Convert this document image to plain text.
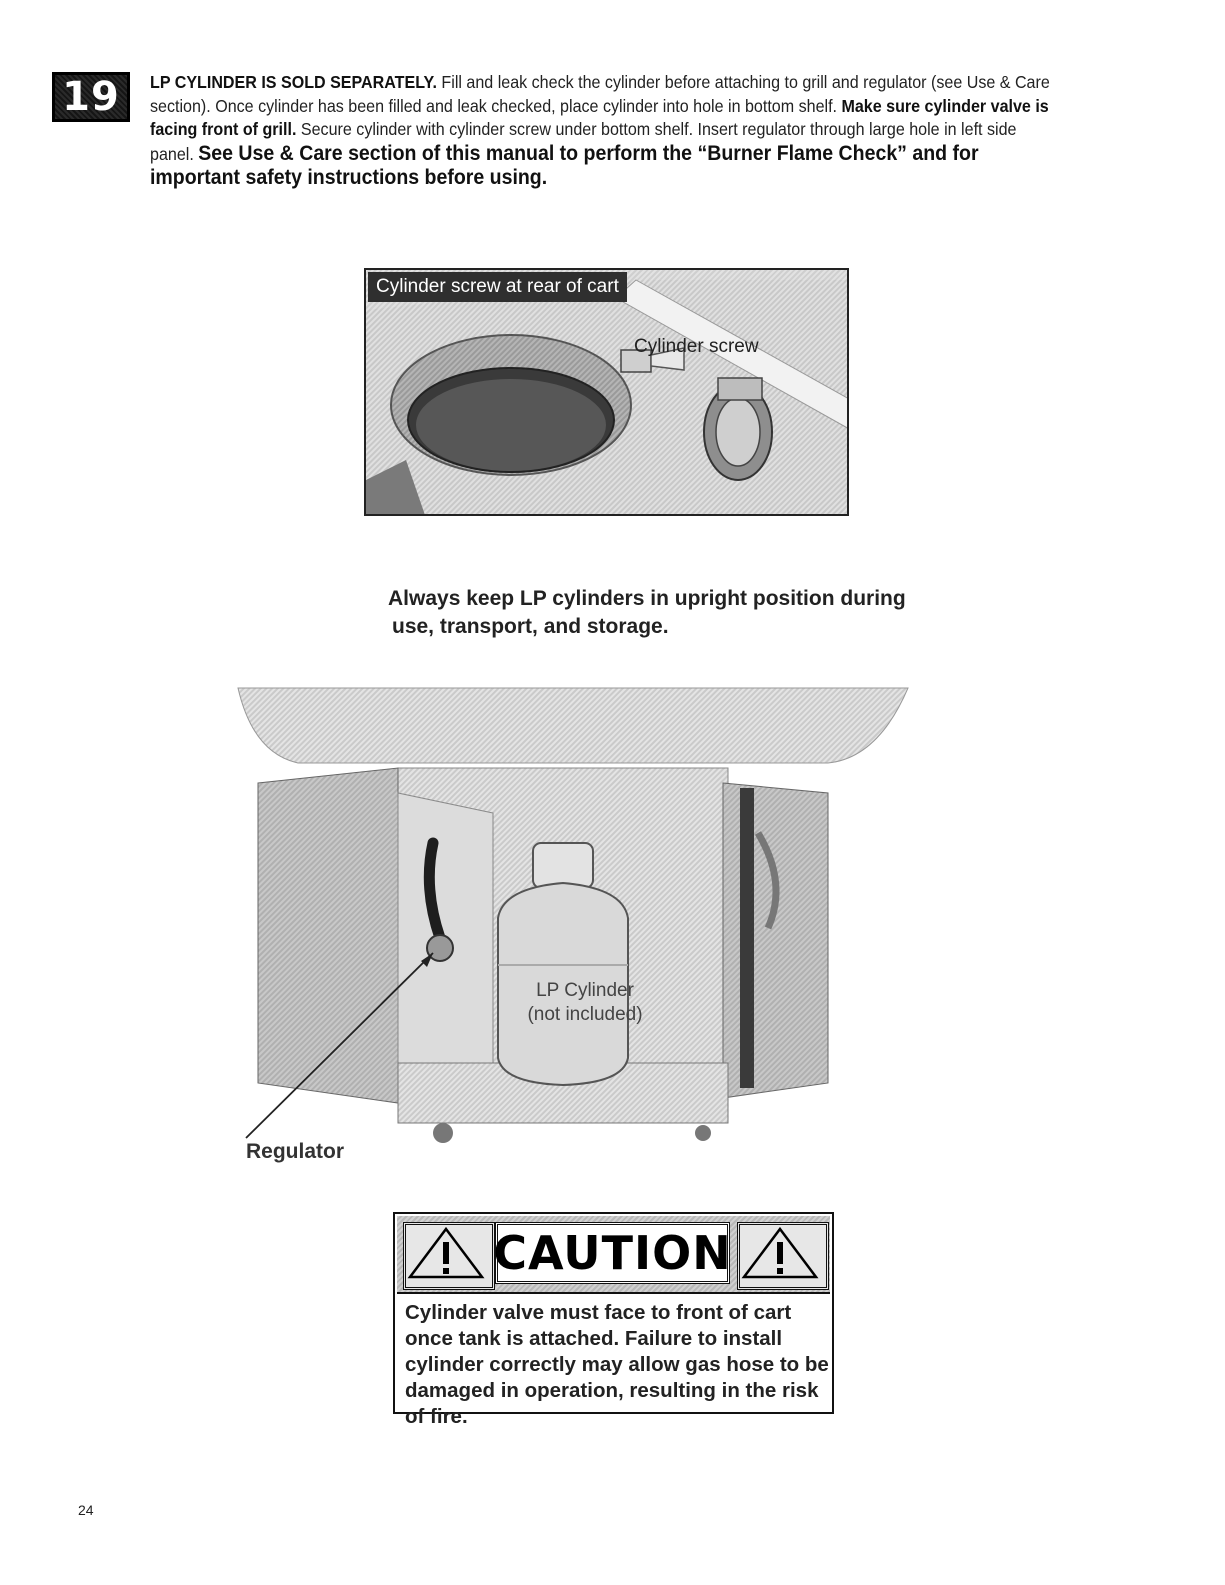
19 LP CYLINDER IS SOLD SEPARATELY. Fill and leak check the cylinder before attaching to grill and regulator (see Use & Care section). Once cylinder has been filled and leak checked, place cylinder into hole in bottom shelf. Make sure cylinder valve is facing front of grill. Secure cylinder with cylinder screw under bottom shelf. Insert regulator through large hole in left side panel. See Use & Care section of this manual to perform the “Burner Flame Check” and for important safety instructions before using.
Cylinder screw at rear of cart
Cylinder screw
Always keep LP cylinders in upright position during
use, transport, and storage.
LP Cylinder
(not included)
Regulator
CAUTION
Cylinder valve must face to front of cart once tank is attached. Failure to install cylinder correctly may allow gas hose to be damaged in operation, resulting in the risk of fire.
24
